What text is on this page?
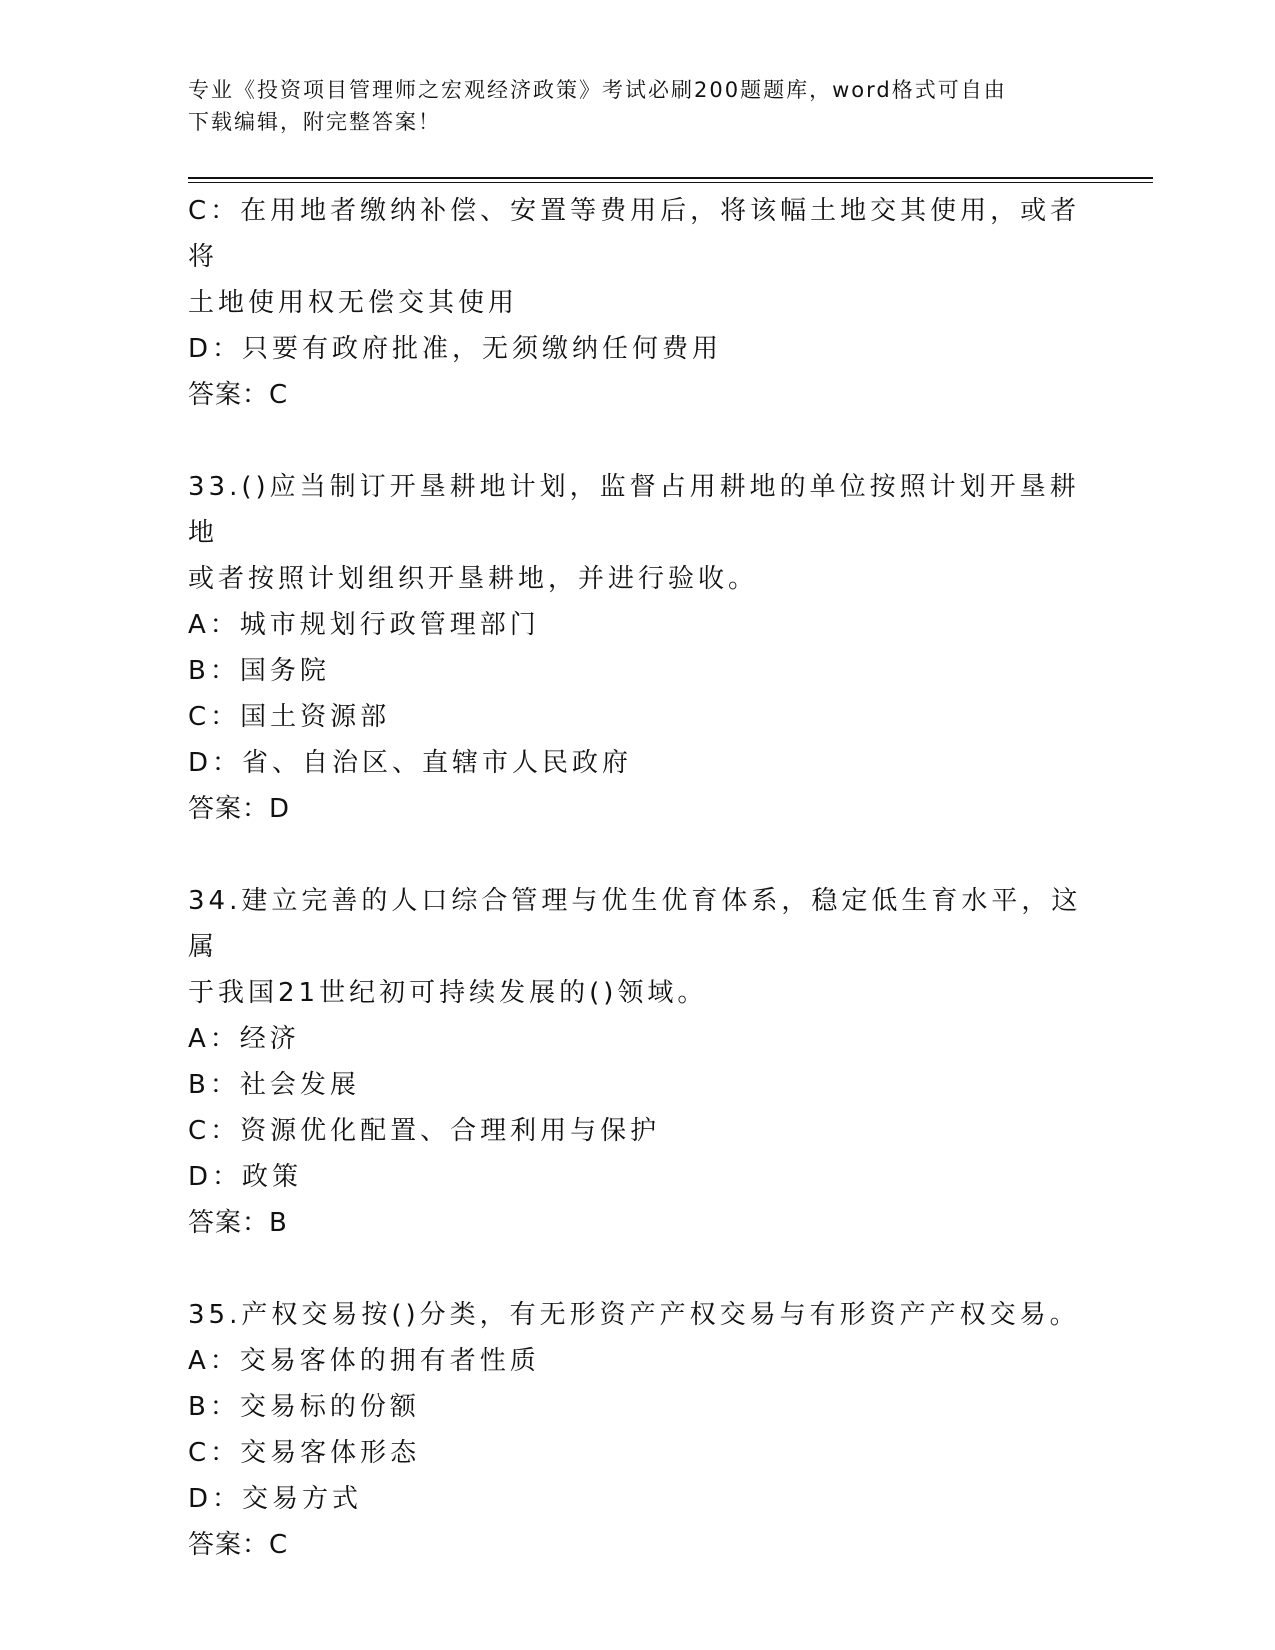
专业《投资项目管理师之宏观经济政策》考试必刷200题题库，word格式可自由
下载编辑，附完整答案！
C：在用地者缴纳补偿、安置等费用后，将该幅土地交其使用，或者将
土地使用权无偿交其使用
D：只要有政府批准，无须缴纳任何费用
答案：C
33.()应当制订开垦耕地计划，监督占用耕地的单位按照计划开垦耕地
或者按照计划组织开垦耕地，并进行验收。
A：城市规划行政管理部门
B：国务院
C：国土资源部
D：省、自治区、直辖市人民政府
答案：D
34.建立完善的人口综合管理与优生优育体系，稳定低生育水平，这属
于我国21世纪初可持续发展的()领域。
A：经济
B：社会发展
C：资源优化配置、合理利用与保护
D：政策
答案：B
35.产权交易按()分类，有无形资产产权交易与有形资产产权交易。
A：交易客体的拥有者性质
B：交易标的份额
C：交易客体形态
D：交易方式
答案：C
